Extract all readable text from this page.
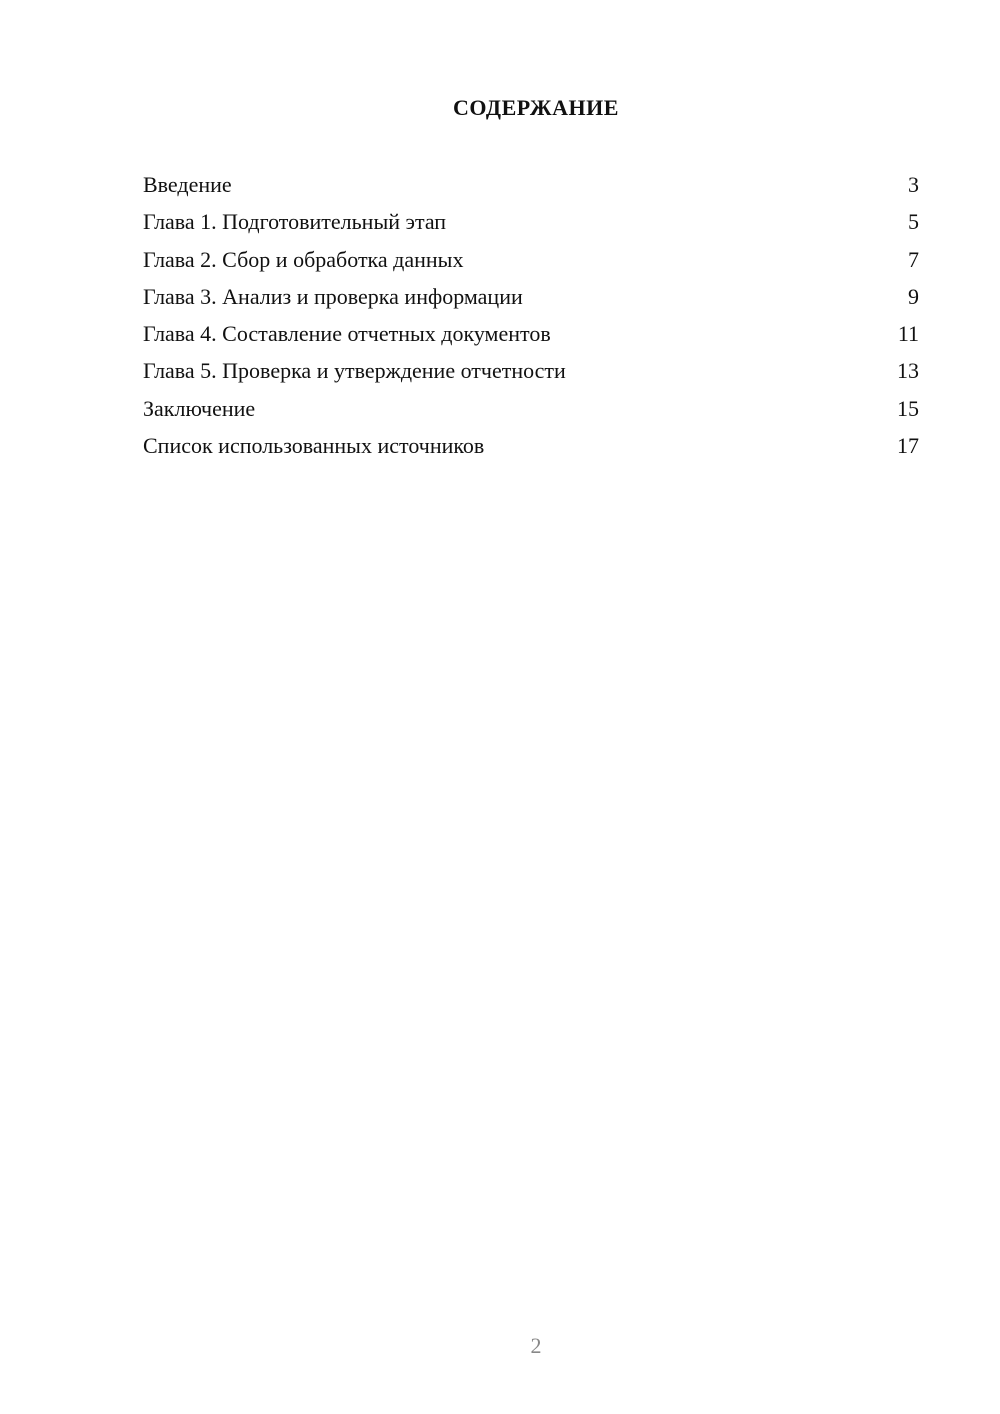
СОДЕРЖАНИЕ
Введение	3
Глава 1. Подготовительный этап	5
Глава 2. Сбор и обработка данных	7
Глава 3. Анализ и проверка информации	9
Глава 4. Составление отчетных документов	11
Глава 5. Проверка и утверждение отчетности	13
Заключение	15
Список использованных источников	17
2
